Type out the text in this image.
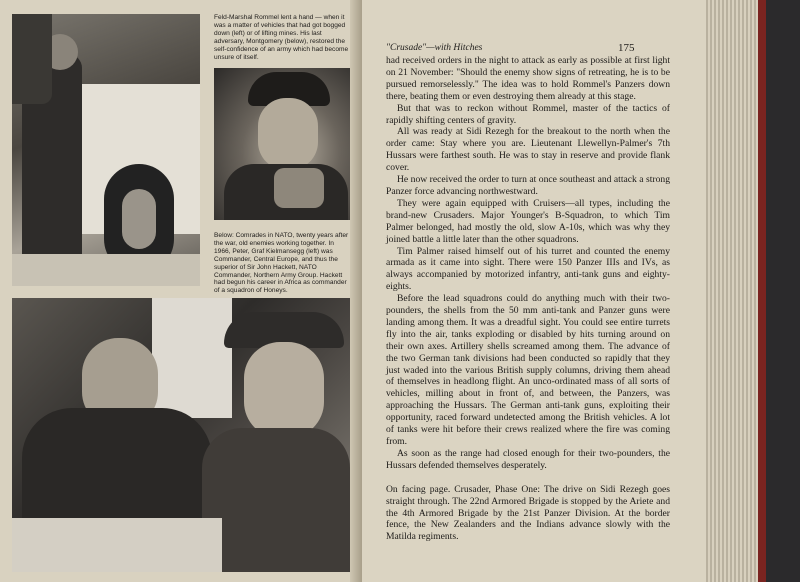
Feld-Marshal Rommel lent a hand — when it was a matter of vehicles that had got bogged down (left) or of lifting mines. His last adversary, Montgomery (below), restored the self-confidence of an army which had become unsure of itself.
Below: Comrades in NATO, twenty years after the war, old enemies working together. In 1966, Peter, Graf Kielmansegg (left) was Commander, Central Europe, and thus the superior of Sir John Hackett, NATO Commander, Northern Army Group. Hackett had begun his career in Africa as commander of a squadron of Honeys.
"Crusade"—with Hitches	175

had received orders in the night to attack as early as possible at first light on 21 November: "Should the enemy show signs of retreating, he is to be pursued remorselessly." The idea was to hold Rommel's Panzers down there, beating them or even destroying them already at this stage.

But that was to reckon without Rommel, master of the tactics of rapidly shifting centers of gravity.

All was ready at Sidi Rezegh for the breakout to the north when the order came: Stay where you are. Lieutenant Llewellyn-Palmer's 7th Hussars were farthest south. He was to stay in reserve and provide flank cover.

He now received the order to turn at once southeast and attack a strong Panzer force advancing northwestward.

They were again equipped with Cruisers—all types, including the brand-new Crusaders. Major Younger's B-Squadron, to which Tim Palmer belonged, had mostly the old, slow A-10s, which was why they joined battle a little later than the other squadrons.

Tim Palmer raised himself out of his turret and counted the enemy armada as it came into sight. There were 150 Panzer IIIs and IVs, as always accompanied by motorized infantry, anti-tank guns and eighty-eights.

Before the lead squadrons could do anything much with their two-pounders, the shells from the 50 mm anti-tank and Panzer guns were landing among them. It was a dreadful sight. You could see entire turrets fly into the air, tanks exploding or disabled by hits turning around on their own axes. Artillery shells screamed among them. The advance of the two German tank divisions had been conducted so rapidly that they just waded into the various British supply columns, driving them ahead of themselves in headlong flight. An unco-ordinated mass of all sorts of vehicles, milling about in front of, and between, the Panzers, was approaching the Hussars. The German anti-tank guns, exploiting their opportunity, raced forward undetected among the British vehicles. A lot of tanks were hit before their crews realized where the fire was coming from.

As soon as the range had closed enough for their two-pounders, the Hussars defended themselves desperately.

On facing page. Crusader, Phase One: The drive on Sidi Rezegh goes straight through. The 22nd Armored Brigade is stopped by the Ariete and the 4th Armored Brigade by the 21st Panzer Division. At the border fence, the New Zealanders and the Indians advance slowly with the Matilda regiments.
